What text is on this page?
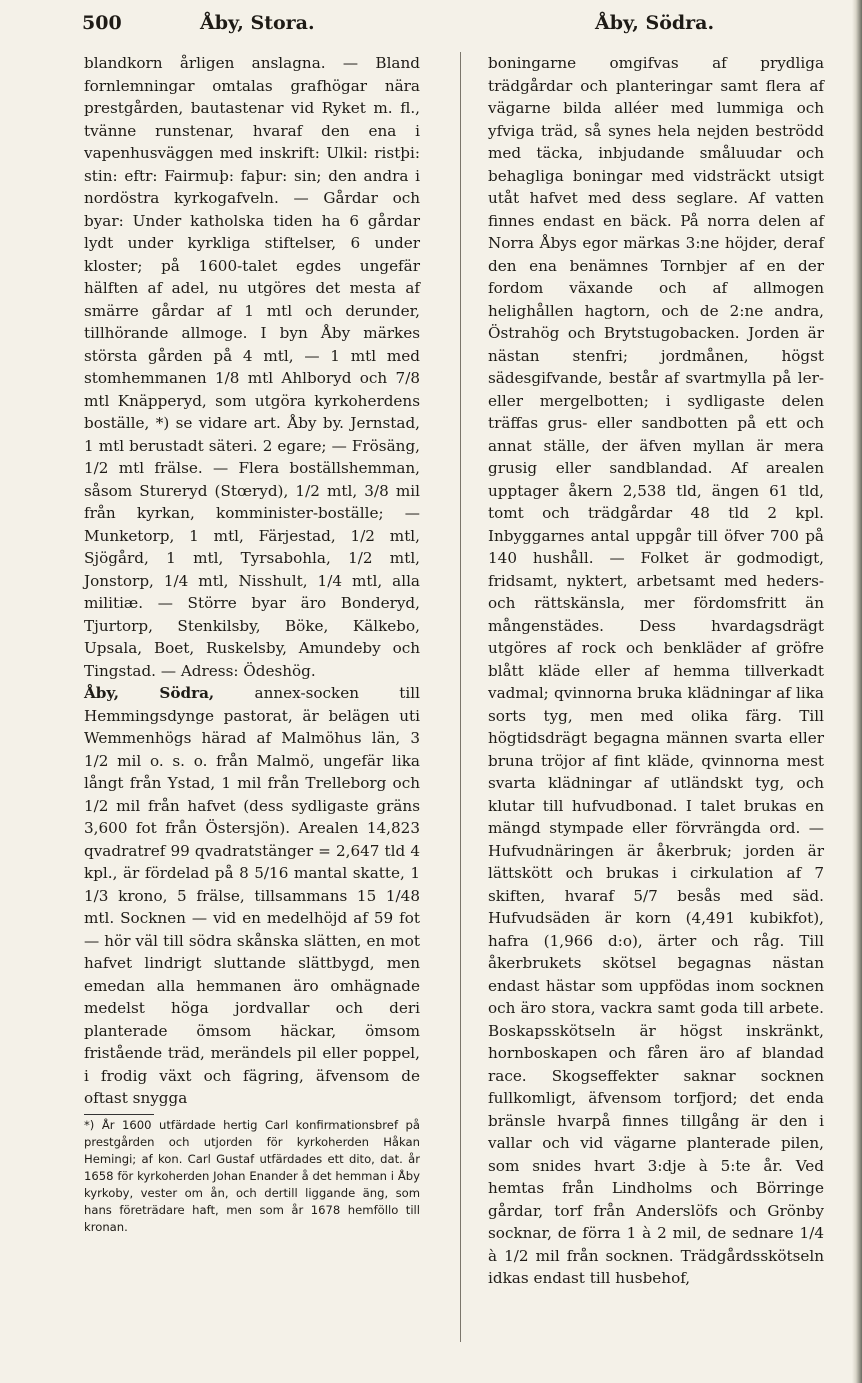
500	Åby, Stora.	Åby, Södra.

blandkorn årligen anslagna. — Bland fornlemningar omtalas grafhögar nära prestgården, bautastenar vid Ryket m. fl., tvänne runstenar, hvaraf den ena i vapenhusväggen med inskrift: Ulkil: ristþi: stin: eftr: Fairmuþ: faþur: sin; den andra i nordöstra kyrkogafveln. — Gårdar och byar: Under katholska tiden ha 6 gårdar lydt under kyrkliga stiftelser, 6 under kloster; på 1600-talet egdes ungefär hälften af adel, nu utgöres det mesta af smärre gårdar af 1 mtl och derunder, tillhörande allmoge. I byn Åby märkes största gården på 4 mtl, — 1 mtl med stomhemmanen 1/8 mtl Ahlboryd och 7/8 mtl Knäpperyd, som utgöra kyrkoherdens boställe, *) se vidare art. Åby by. Jernstad, 1 mtl berustadt säteri. 2 egare; — Frösäng, 1/2 mtl frälse. — Flera boställshemman, såsom Stureryd (Stœryd), 1/2 mtl, 3/8 mil från kyrkan, komminister-boställe; — Munketorp, 1 mtl, Färjestad, 1/2 mtl, Sjögård, 1 mtl, Tyrsabohla, 1/2 mtl, Jonstorp, 1/4 mtl, Nisshult, 1/4 mtl, alla militiæ. — Större byar äro Bonderyd, Tjurtorp, Stenkilsby, Böke, Kälkebo, Upsala, Boet, Ruskelsby, Amundeby och Tingstad. — Adress: Ödeshög.

Åby,	Södra,	annex-socken till Hemmingsdynge pastorat, är belägen uti Wemmenhögs härad af Malmöhus län, 3 1/2 mil o. s. o. från Malmö, ungefär lika långt från Ystad, 1 mil från Trelleborg och 1/2 mil från hafvet (dess sydligaste gräns 3,600 fot från Östersjön). Arealen 14,823 qvadratref 99 qvadratstänger = 2,647 tld 4 kpl., är fördelad på 8 5/16 mantal skatte, 1 1/3 krono, 5 frälse, tillsammans 15 1/48 mtl. Socknen — vid en medelhöjd af 59 fot — hör väl till södra skånska slätten, en mot hafvet lindrigt sluttande slättbygd, men emedan alla hemmanen äro omhägnade medelst höga jordvallar och deri planterade ömsom häckar, ömsom fristående träd, merändels pil eller poppel, i frodig växt och fägring, äfvensom de oftast snygga

*) År 1600 utfärdade hertig Carl konfirmationsbref på prestgården och utjorden för kyrkoherden Håkan Hemingi; af kon. Carl Gustaf utfärdades ett dito, dat. år 1658 för kyrkoherden Johan Enander å det hemman i Åby kyrkoby, vester om ån, och dertill liggande äng, som hans företrädare haft, men som år 1678 hemföllo till kronan.

boningarne omgifvas af prydliga trädgårdar och planteringar samt flera af vägarne bilda alléer med lummiga och yfviga träd, så synes hela nejden beströdd med täcka, inbjudande småluudar och behagliga boningar med vidsträckt utsigt utåt hafvet med dess seglare. Af vatten finnes endast en bäck. På norra delen af Norra Åbys egor märkas 3:ne höjder, deraf den ena benämnes Tornbjer af en der fordom växande och af allmogen helighållen hagtorn, och de 2:ne andra, Östrahög och Brytstugobacken. Jorden är nästan stenfri; jordmånen, högst sädesgifvande, består af svartmylla på ler- eller mergelbotten; i sydligaste delen träffas grus- eller sandbotten på ett och annat ställe, der äfven myllan är mera grusig eller sandblandad. Af arealen upptager åkern 2,538 tld, ängen 61 tld, tomt och trädgårdar 48 tld 2 kpl. Inbyggarnes antal uppgår till öfver 700 på 140 hushåll. — Folket är godmodigt, fridsamt, nyktert, arbetsamt med heders- och rättskänsla, mer fördomsfritt än mångenstädes. Dess hvardagsdrägt utgöres af rock och benkläder af gröfre blått kläde eller af hemma tillverkadt vadmal; qvinnorna bruka klädningar af lika sorts tyg, men med olika färg. Till högtidsdrägt begagna männen svarta eller bruna tröjor af fint kläde, qvinnorna mest svarta klädningar af utländskt tyg, och klutar till hufvudbonad. I talet brukas en mängd stympade eller förvrängda ord. — Hufvudnäringen är åkerbruk; jorden är lättskött och brukas i cirkulation af 7 skiften, hvaraf 5/7 besås med säd. Hufvudsäden är korn (4,491 kubikfot), hafra (1,966 d:o), ärter och råg. Till åkerbrukets skötsel begagnas nästan endast hästar som uppfödas inom socknen och äro stora, vackra samt goda till arbete. Boskapsskötseln är högst inskränkt, hornboskapen och fåren äro af blandad race. Skogseffekter saknar socknen fullkomligt, äfvensom torfjord; det enda bränsle hvarpå finnes tillgång är den i vallar och vid vägarne planterade pilen, som snides hvart 3:dje à 5:te år. Ved hemtas från Lindholms och Börringe gårdar, torf från Anderslöfs och Grönby socknar, de förra 1 à 2 mil, de sednare 1/4 à 1/2 mil från socknen. Trädgårdsskötseln idkas endast till husbehof,
